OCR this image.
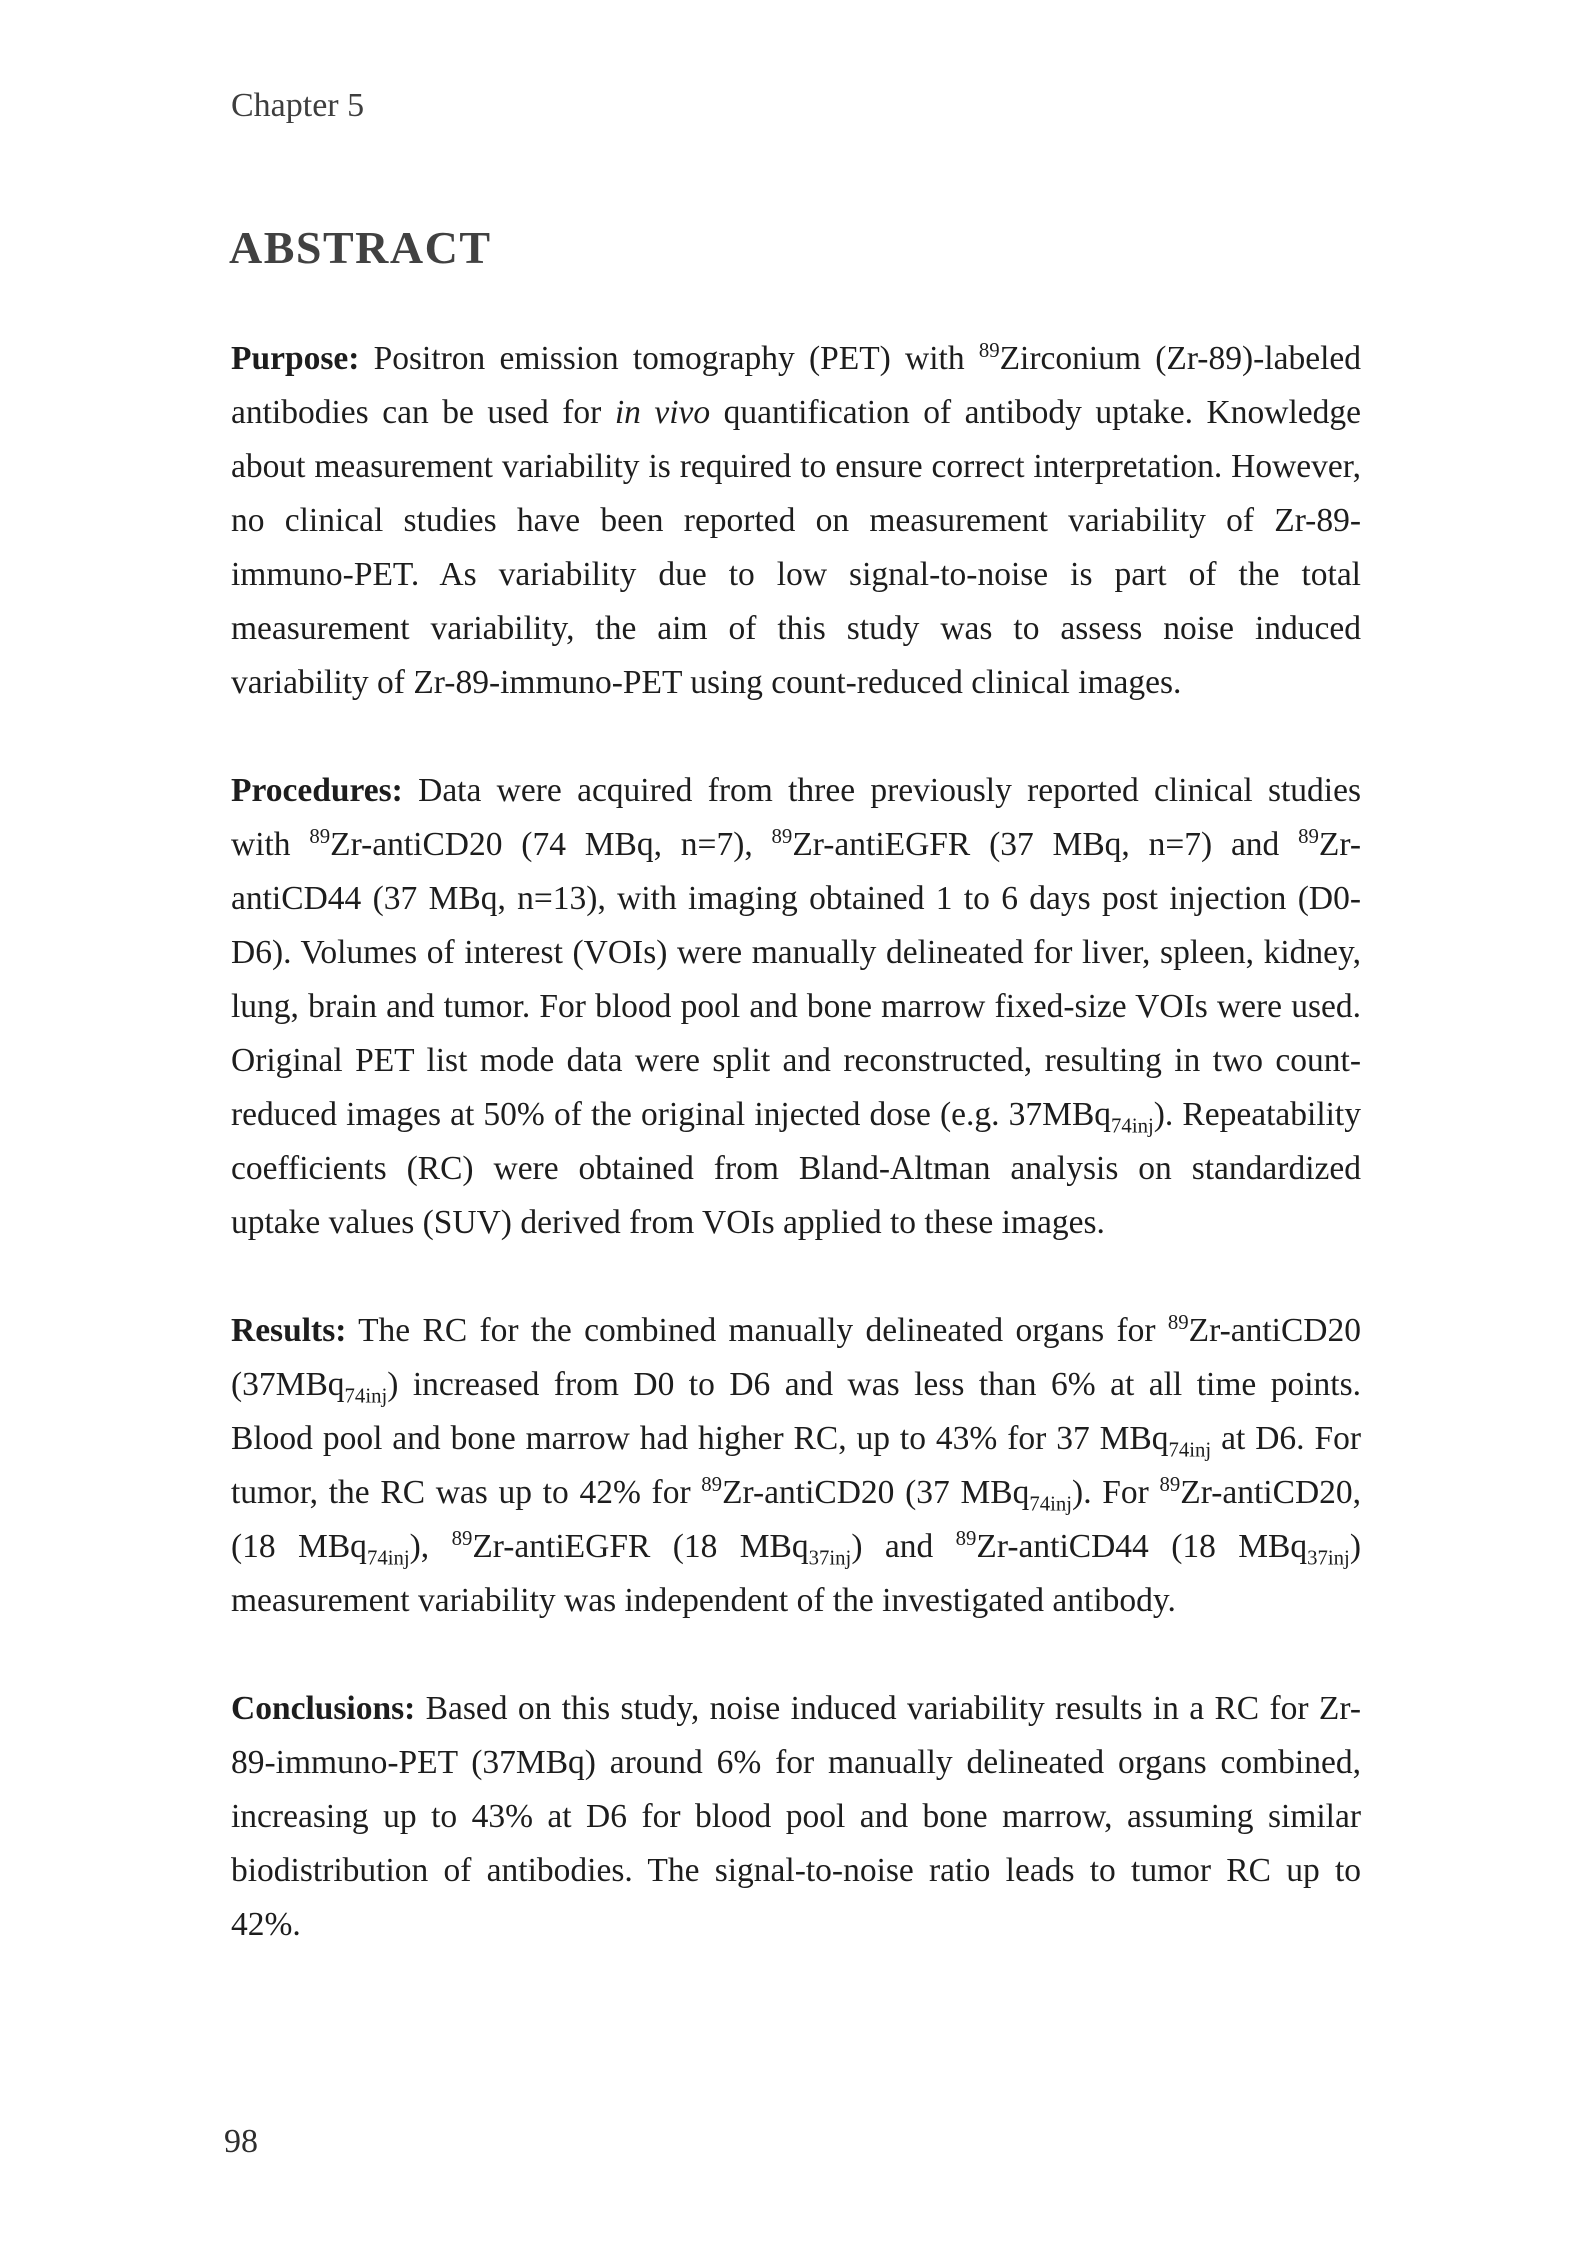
Chapter 5
ABSTRACT

Purpose: Positron emission tomography (PET) with $^{89}$Zirconium (Zr-89)-labeled antibodies can be used for in vivo quantification of antibody uptake. Knowledge about measurement variability is required to ensure correct interpretation. However, no clinical studies have been reported on measurement variability of Zr-89-immuno-PET. As variability due to low signal-to-noise is part of the total measurement variability, the aim of this study was to assess noise induced variability of Zr-89-immuno-PET using count-reduced clinical images.

Procedures: Data were acquired from three previously reported clinical studies with $^{89}$Zr-antiCD20 (74 MBq, n=7), $^{89}$Zr-antiEGFR (37 MBq, n=7) and $^{89}$Zr-antiCD44 (37 MBq, n=13), with imaging obtained 1 to 6 days post injection (D0-D6). Volumes of interest (VOIs) were manually delineated for liver, spleen, kidney, lung, brain and tumor. For blood pool and bone marrow fixed-size VOIs were used. Original PET list mode data were split and reconstructed, resulting in two count-reduced images at 50% of the original injected dose (e.g. 37MBq$_{74inj}$). Repeatability coefficients (RC) were obtained from Bland-Altman analysis on standardized uptake values (SUV) derived from VOIs applied to these images.

Results: The RC for the combined manually delineated organs for $^{89}$Zr-antiCD20 (37MBq$_{74inj}$) increased from D0 to D6 and was less than 6% at all time points. Blood pool and bone marrow had higher RC, up to 43% for 37 MBq$_{74inj}$ at D6. For tumor, the RC was up to 42% for $^{89}$Zr-antiCD20 (37 MBq$_{74inj}$). For $^{89}$Zr-antiCD20, (18 MBq$_{74inj}$), $^{89}$Zr-antiEGFR (18 MBq$_{37inj}$) and $^{89}$Zr-antiCD44 (18 MBq$_{37inj}$) measurement variability was independent of the investigated antibody.

Conclusions: Based on this study, noise induced variability results in a RC for Zr-89-immuno-PET (37MBq) around 6% for manually delineated organs combined, increasing up to 43% at D6 for blood pool and bone marrow, assuming similar biodistribution of antibodies. The signal-to-noise ratio leads to tumor RC up to 42%.

98
